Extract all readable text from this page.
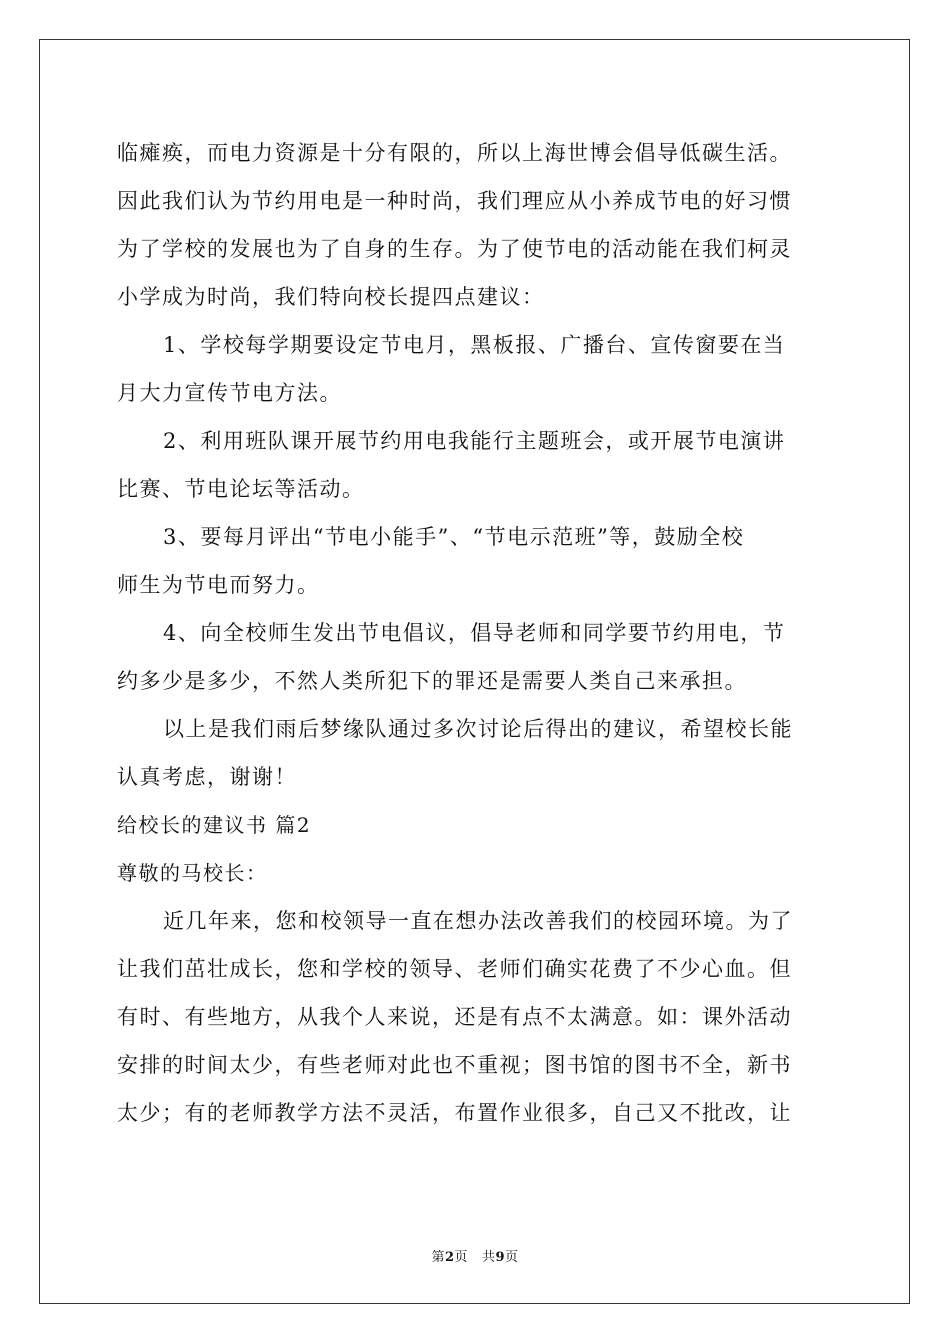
临瘫痪，而电力资源是十分有限的，所以上海世博会倡导低碳生活。
因此我们认为节约用电是一种时尚，我们理应从小养成节电的好习惯
为了学校的发展也为了自身的生存。为了使节电的活动能在我们柯灵
小学成为时尚，我们特向校长提四点建议：
1、学校每学期要设定节电月，黑板报、广播台、宣传窗要在当
月大力宣传节电方法。
2、利用班队课开展节约用电我能行主题班会，或开展节电演讲
比赛、节电论坛等活动。
3、要每月评出“节电小能手”、“节电示范班”等，鼓励全校
师生为节电而努力。
4、向全校师生发出节电倡议，倡导老师和同学要节约用电，节
约多少是多少，不然人类所犯下的罪还是需要人类自己来承担。
以上是我们雨后梦缘队通过多次讨论后得出的建议，希望校长能
认真考虑，谢谢！
给校长的建议书 篇2
尊敬的马校长：
近几年来，您和校领导一直在想办法改善我们的校园环境。为了
让我们茁壮成长，您和学校的领导、老师们确实花费了不少心血。但
有时、有些地方，从我个人来说，还是有点不太满意。如：课外活动
安排的时间太少，有些老师对此也不重视；图书馆的图书不全，新书
太少；有的老师教学方法不灵活，布置作业很多，自己又不批改，让
第2页 共9页
